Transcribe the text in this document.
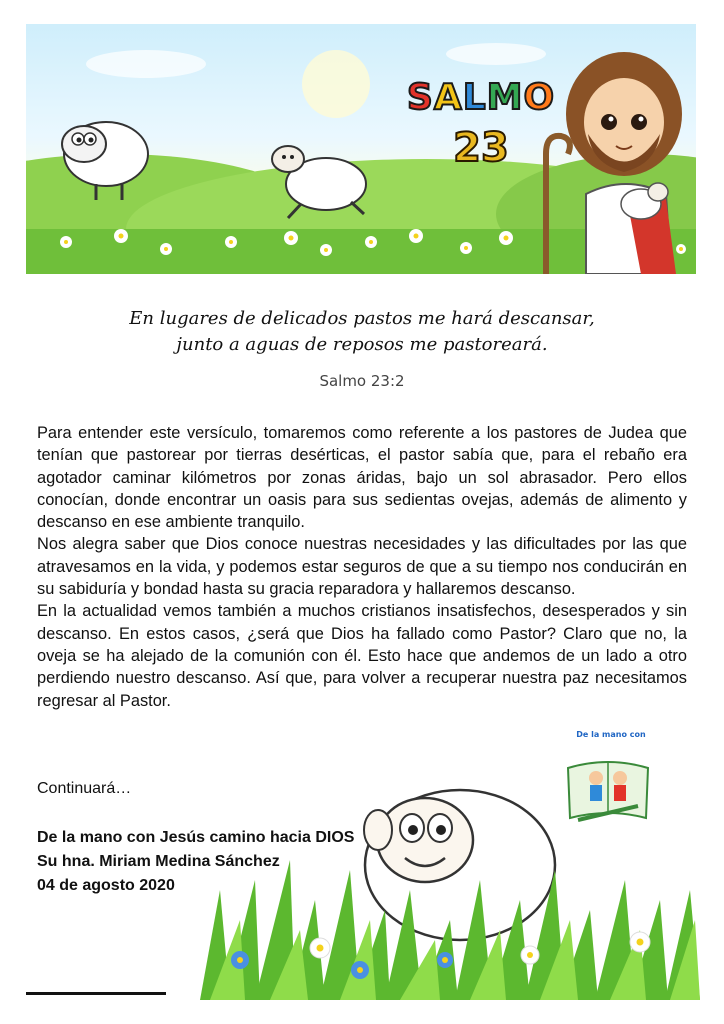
SALMO
23
En lugares de delicados pastos me hará descansar,
junto a aguas de reposos me pastoreará.
Salmo 23:2

Para entender este versículo, tomaremos como referente a los pastores de Judea que tenían que pastorear por tierras desérticas, el pastor sabía que, para el rebaño era agotador caminar kilómetros por zonas áridas, bajo un sol abrasador. Pero ellos conocían, donde encontrar un oasis para sus sedientas ovejas, además de alimento y descanso en ese ambiente tranquilo.

Nos alegra saber que Dios conoce nuestras necesidades y las dificultades por las que atravesamos en la vida, y podemos estar seguros de que a su tiempo nos conducirán en su sabiduría y bondad hasta su gracia reparadora y hallaremos descanso.

En la actualidad vemos también a muchos cristianos insatisfechos, desesperados y sin descanso. En estos casos, ¿será que Dios ha fallado como Pastor? Claro que no, la oveja se ha alejado de la comunión con él. Esto hace que andemos de un lado a otro perdiendo nuestro descanso. Así que, para volver a recuperar nuestra paz necesitamos regresar al Pastor.

Continuará…
De la mano con Jesús camino hacia DIOS
Su hna. Miriam Medina Sánchez
04 de agosto 2020
De la mano con
